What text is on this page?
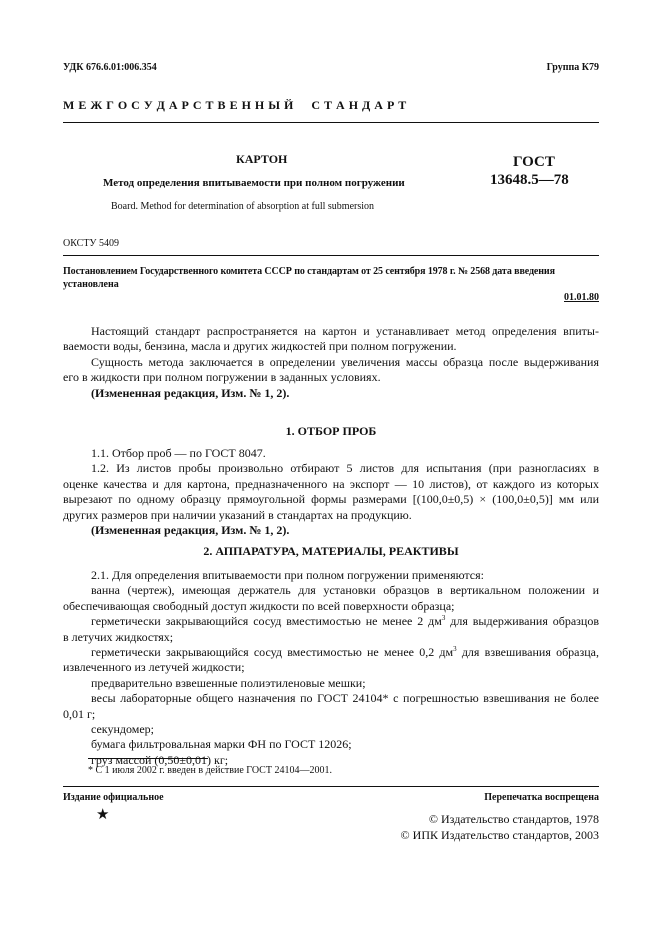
УДК 676.6.01:006.354	Группа К79
М Е Ж Г О С У Д А Р С Т В Е Н Н Ы Й     С Т А Н Д А Р Т
КАРТОН
Метод определения впитываемости при полном погружении
Board. Method for determination of absorption at full submersion
ГОСТ
13648.5—78
ОКСТУ 5409
Постановлением Государственного комитета СССР по стандартам от 25 сентября 1978 г. № 2568 дата введения
установлена
01.01.80
Настоящий стандарт распространяется на картон и устанавливает метод определения впиты-
ваемости воды, бензина, масла и других жидкостей при полном погружении.
Сущность метода заключается в определении увеличения массы образца после выдерживания
его в жидкости при полном погружении в заданных условиях.
(Измененная редакция, Изм. № 1, 2).
1. ОТБОР ПРОБ
1.1. Отбор проб — по ГОСТ 8047.
1.2. Из листов пробы произвольно отбирают 5 листов для испытания (при разногласиях в
оценке качества и для картона, предназначенного на экспорт — 10 листов), от каждого из которых
вырезают по одному образцу прямоугольной формы размерами [(100,0±0,5) × (100,0±0,5)] мм или
других размеров при наличии указаний в стандартах на продукцию.
(Измененная редакция, Изм. № 1, 2).
2. АППАРАТУРА, МАТЕРИАЛЫ, РЕАКТИВЫ
2.1. Для определения впитываемости при полном погружении применяются:
ванна (чертеж), имеющая держатель для установки образцов в вертикальном положении и
обеспечивающая свободный доступ жидкости по всей поверхности образца;
герметически закрывающийся сосуд вместимостью не менее 2 $дм^3$ для выдерживания образцов
в летучих жидкостях;
герметически закрывающийся сосуд вместимостью не менее 0,2 $дм^3$ для взвешивания образца,
извлеченного из летучей жидкости;
предварительно взвешенные полиэтиленовые мешки;
весы лабораторные общего назначения по ГОСТ 24104* с погрешностью взвешивания не более
0,01 г;
секундомер;
бумага фильтровальная марки ФН по ГОСТ 12026;
груз массой (0,50±0,01) кг;
* С 1 июля 2002 г. введен в действие ГОСТ 24104—2001.
Издание официальное	Перепечатка воспрещена
★	© Издательство стандартов, 1978
© ИПК Издательство стандартов, 2003
